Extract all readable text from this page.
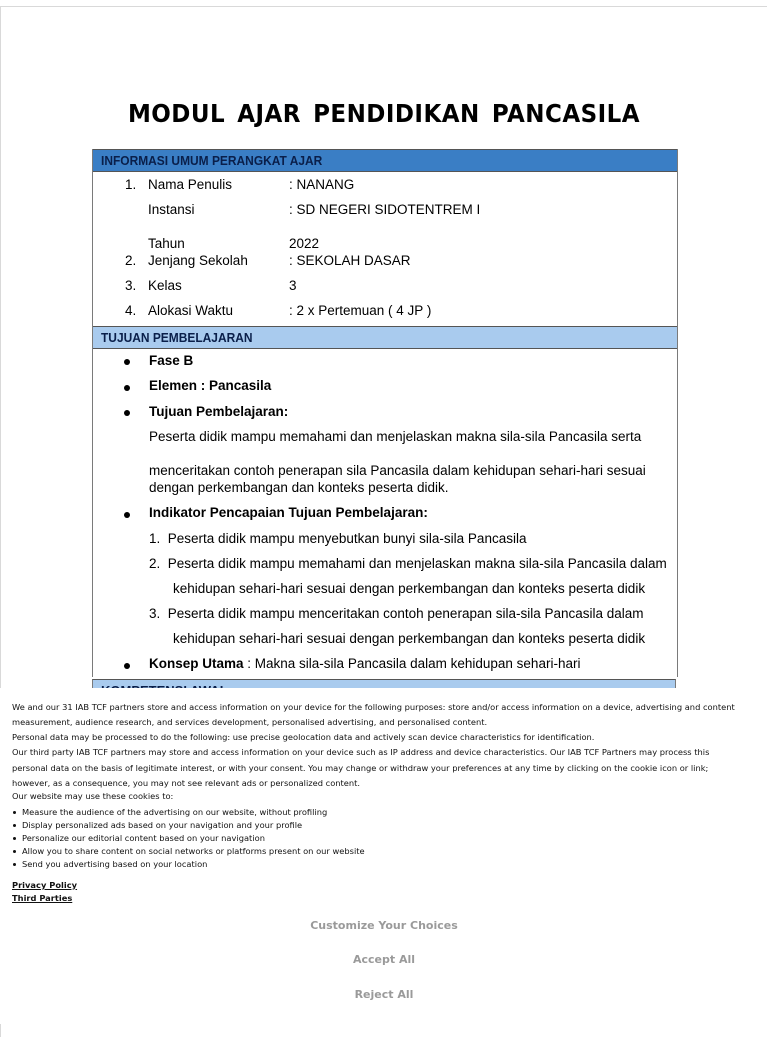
MODUL AJAR PENDIDIKAN PANCASILA
INFORMASI UMUM PERANGKAT AJAR
1. Nama Penulis	: NANANG
Instansi	: SD NEGERI SIDOTENTREM I
Tahun	2022
2. Jenjang Sekolah	: SEKOLAH DASAR
3. Kelas	3
4. Alokasi Waktu	: 2 x Pertemuan ( 4 JP )
TUJUAN PEMBELAJARAN
Fase B
Elemen : Pancasila
Tujuan Pembelajaran:
Peserta didik mampu memahami dan menjelaskan makna sila-sila Pancasila serta
menceritakan contoh penerapan sila Pancasila dalam kehidupan sehari-hari sesuai
dengan perkembangan dan konteks peserta didik.
Indikator Pencapaian Tujuan Pembelajaran:
1. Peserta didik mampu menyebutkan bunyi sila-sila Pancasila
2. Peserta didik mampu memahami dan menjelaskan makna sila-sila Pancasila dalam
kehidupan sehari-hari sesuai dengan perkembangan dan konteks peserta didik
3. Peserta didik mampu menceritakan contoh penerapan sila-sila Pancasila dalam
kehidupan sehari-hari sesuai dengan perkembangan dan konteks peserta didik
Konsep Utama : Makna sila-sila Pancasila dalam kehidupan sehari-hari
We and our 31 IAB TCF partners store and access information on your device for the following purposes: store and/or access information on a device, advertising and content
measurement, audience research, and services development, personalised advertising, and personalised content.
Personal data may be processed to do the following: use precise geolocation data and actively scan device characteristics for identification.
Our third party IAB TCF partners may store and access information on your device such as IP address and device characteristics. Our IAB TCF Partners may process this
personal data on the basis of legitimate interest, or with your consent. You may change or withdraw your preferences at any time by clicking on the cookie icon or link;
however, as a consequence, you may not see relevant ads or personalized content.
Our website may use these cookies to:
Measure the audience of the advertising on our website, without profiling
Display personalized ads based on your navigation and your profile
Personalize our editorial content based on your navigation
Allow you to share content on social networks or platforms present on our website
Send you advertising based on your location
Privacy Policy
Third Parties
Customize Your Choices
Accept All
Reject All
